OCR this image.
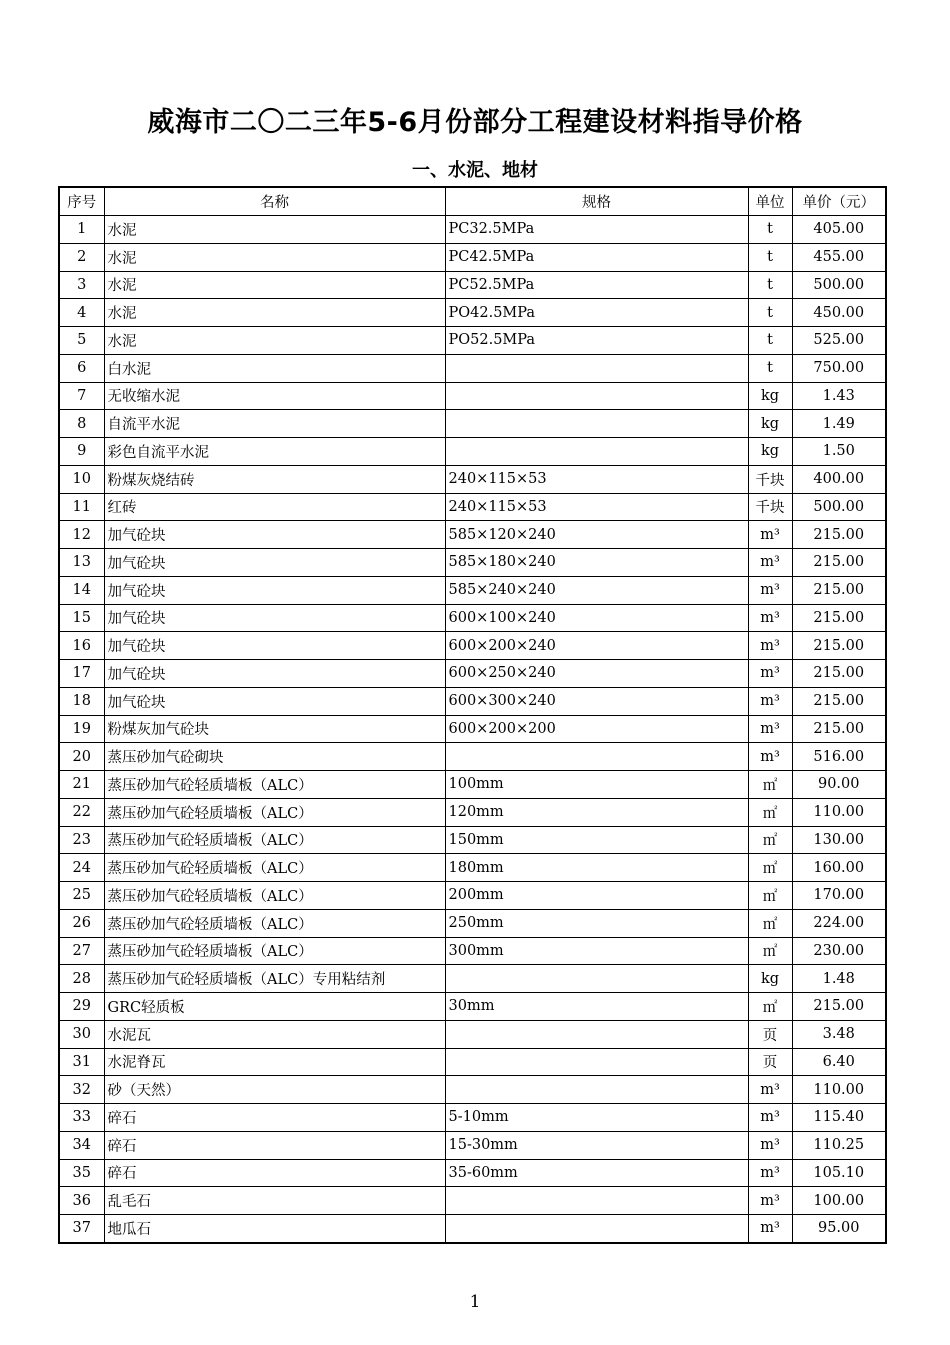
威海市二〇二三年5-6月份部分工程建设材料指导价格
一、水泥、地材
序号	名称	规格	单位	单价（元）
1	水泥	PC32.5MPa	t	405.00
2	水泥	PC42.5MPa	t	455.00
3	水泥	PC52.5MPa	t	500.00
4	水泥	PO42.5MPa	t	450.00
5	水泥	PO52.5MPa	t	525.00
6	白水泥		t	750.00
7	无收缩水泥		kg	1.43
8	自流平水泥		kg	1.49
9	彩色自流平水泥		kg	1.50
10	粉煤灰烧结砖	240×115×53	千块	400.00
11	红砖	240×115×53	千块	500.00
12	加气砼块	585×120×240	m³	215.00
13	加气砼块	585×180×240	m³	215.00
14	加气砼块	585×240×240	m³	215.00
15	加气砼块	600×100×240	m³	215.00
16	加气砼块	600×200×240	m³	215.00
17	加气砼块	600×250×240	m³	215.00
18	加气砼块	600×300×240	m³	215.00
19	粉煤灰加气砼块	600×200×200	m³	215.00
20	蒸压砂加气砼砌块		m³	516.00
21	蒸压砂加气砼轻质墙板（ALC）	100mm	㎡	90.00
22	蒸压砂加气砼轻质墙板（ALC）	120mm	㎡	110.00
23	蒸压砂加气砼轻质墙板（ALC）	150mm	㎡	130.00
24	蒸压砂加气砼轻质墙板（ALC）	180mm	㎡	160.00
25	蒸压砂加气砼轻质墙板（ALC）	200mm	㎡	170.00
26	蒸压砂加气砼轻质墙板（ALC）	250mm	㎡	224.00
27	蒸压砂加气砼轻质墙板（ALC）	300mm	㎡	230.00
28	蒸压砂加气砼轻质墙板（ALC）专用粘结剂		kg	1.48
29	GRC轻质板	30mm	㎡	215.00
30	水泥瓦		页	3.48
31	水泥脊瓦		页	6.40
32	砂（天然）		m³	110.00
33	碎石	5-10mm	m³	115.40
34	碎石	15-30mm	m³	110.25
35	碎石	35-60mm	m³	105.10
36	乱毛石		m³	100.00
37	地瓜石		m³	95.00
1
